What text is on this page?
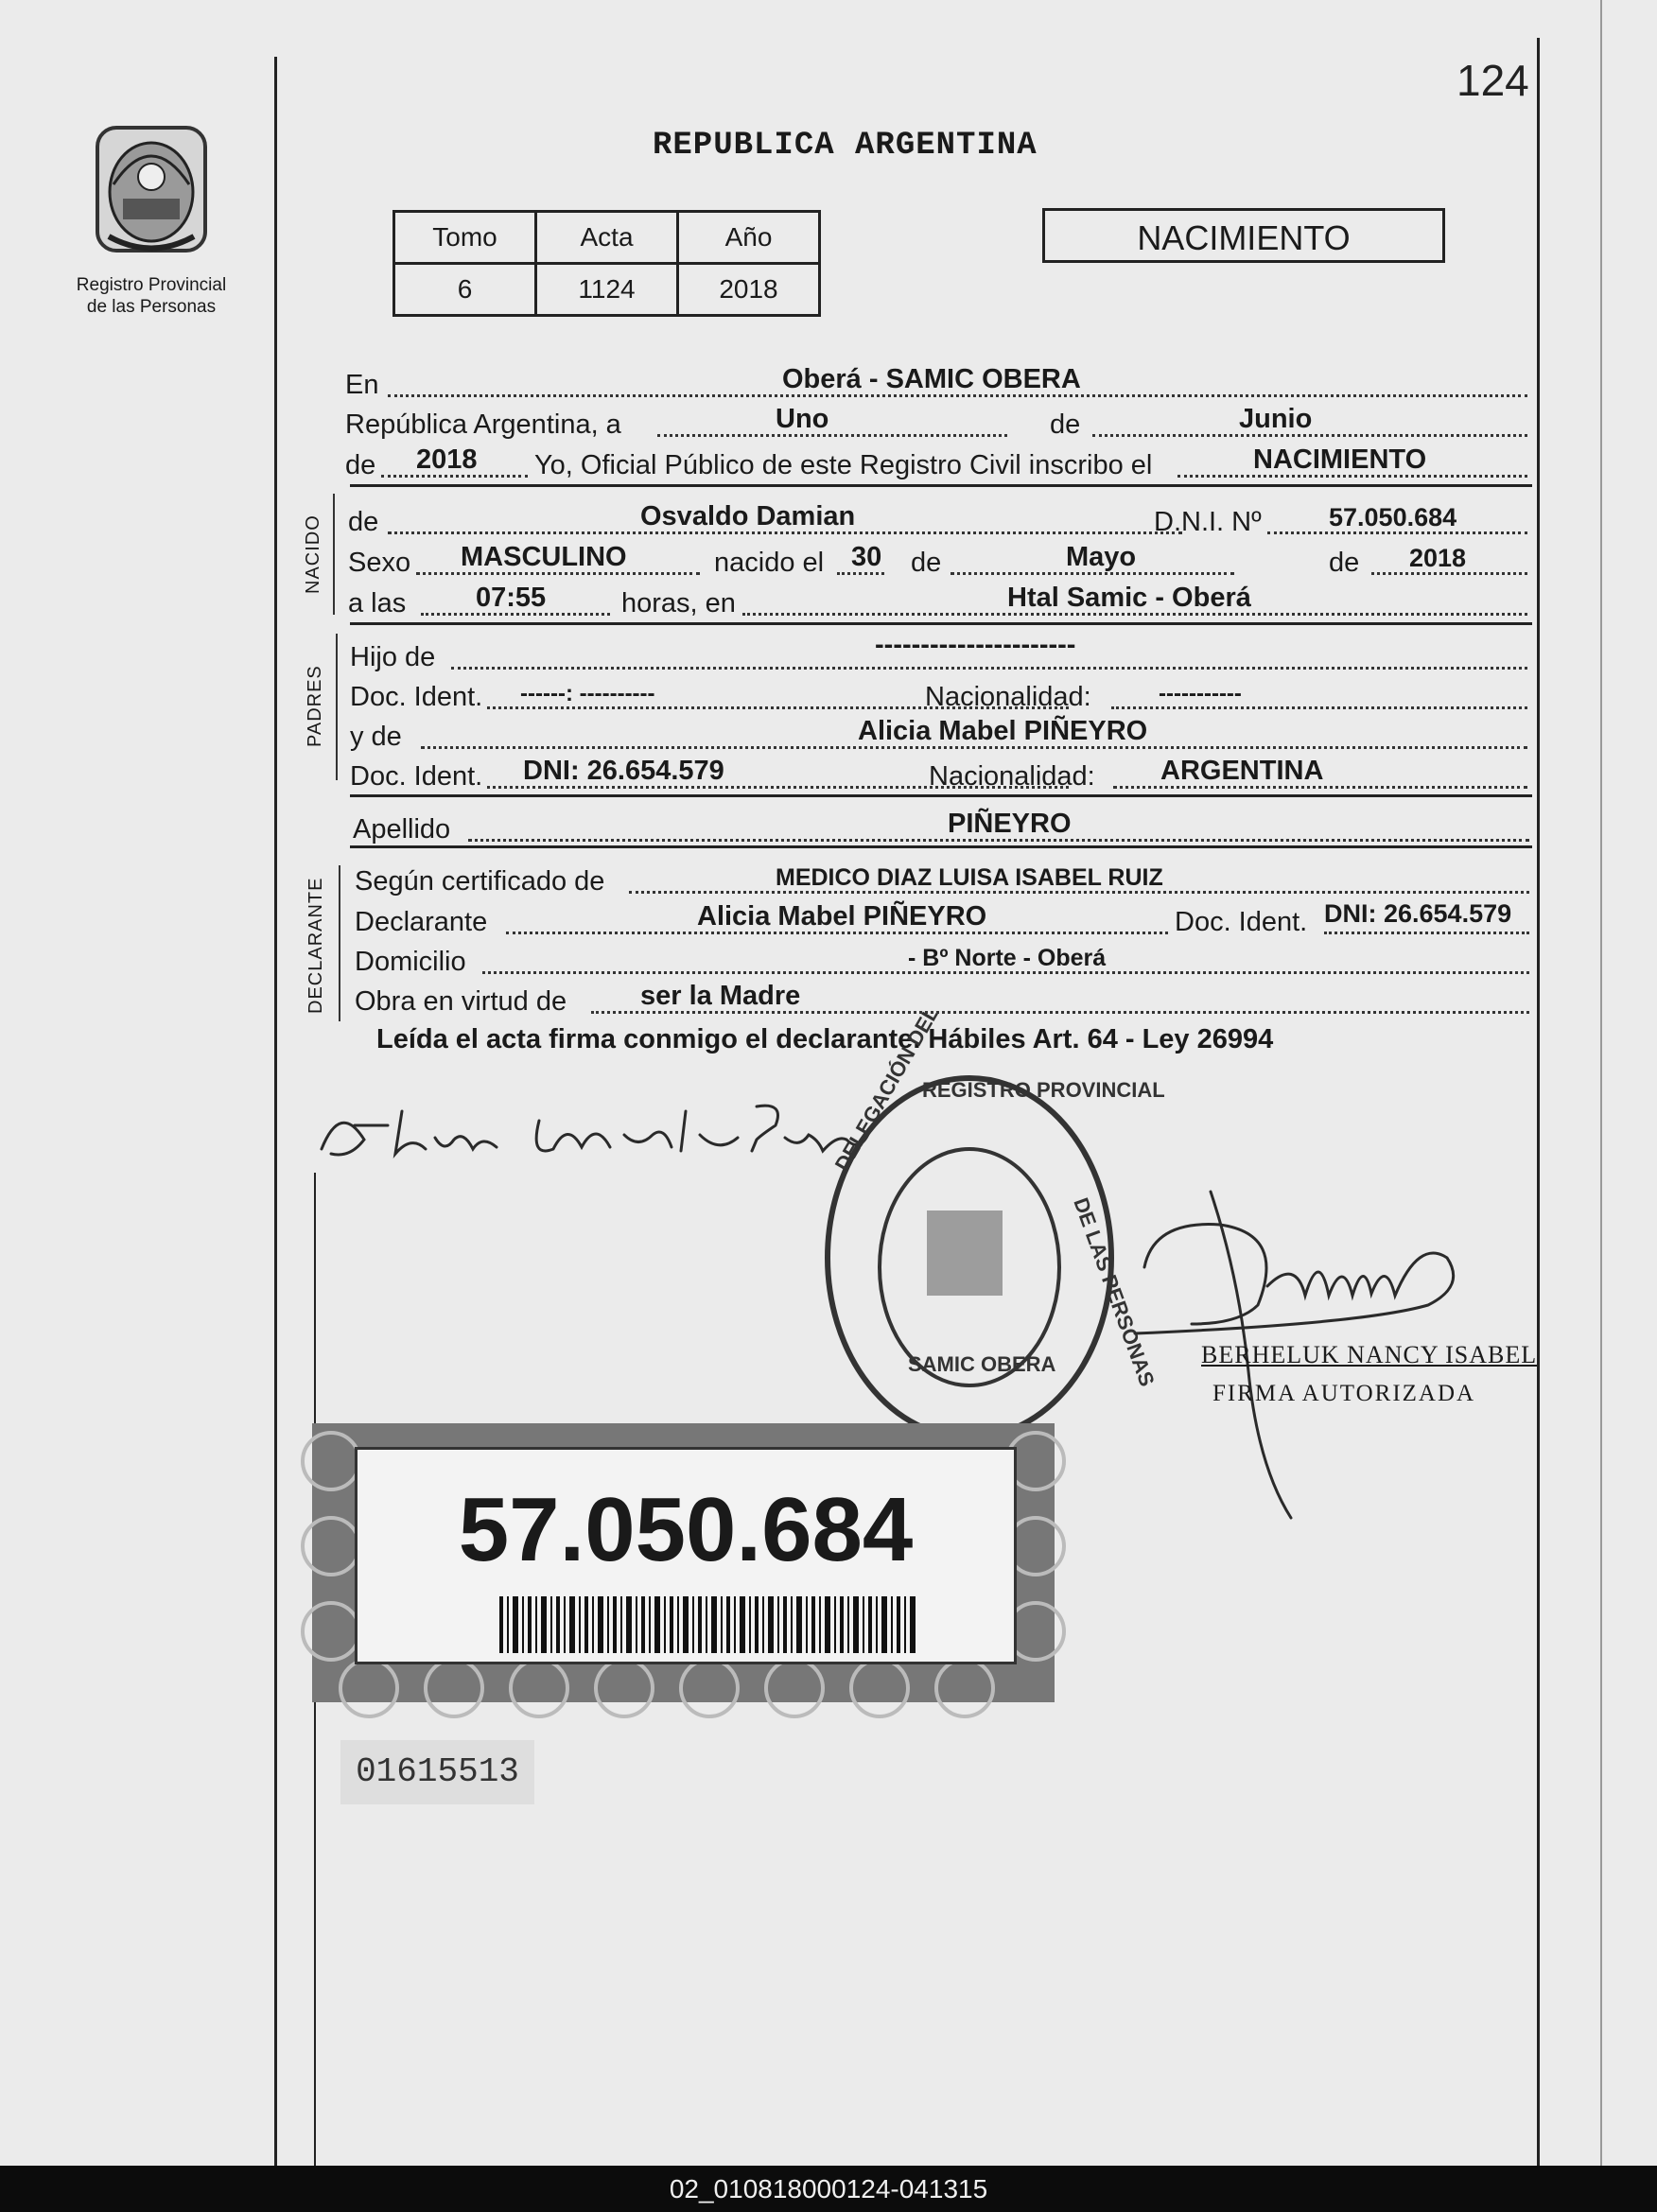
124
REPUBLICA ARGENTINA
Registro Provincial
de las Personas
Tomo	Acta	Año
6	1124	2018
NACIMIENTO
En	Oberá - SAMIC OBERA
República Argentina, a	Uno	de	Junio
de 2018 Yo, Oficial Público de este Registro Civil inscribo el	NACIMIENTO
NACIDO de	Osvaldo Damian	D.N.I. Nº	57.050.684
Sexo MASCULINO	nacido el 30 de	Mayo	de 2018
a las	07:55	horas, en	Htal Samic - Oberá
PADRES
Hijo de	----------------------
Doc. Ident. ------: ----------	Nacionalidad:	-----------
y de	Alicia Mabel PIÑEYRO
Doc. Ident. DNI: 26.654.579	Nacionalidad: ARGENTINA
Apellido	PIÑEYRO
DECLARANTE Según certificado de	MEDICO DIAZ LUISA ISABEL RUIZ
Declarante	Alicia Mabel PIÑEYRO	Doc. Ident. DNI: 26.654.579
Domicilio	- Bº Norte - Oberá
Obra en virtud de	ser la Madre
Leída el acta firma conmigo el declarante. Hábiles Art. 64 - Ley 26994
DELEGACIÓN DEL
REGISTRO PROVINCIAL
DE LAS PERSONAS
SAMIC OBERA	BERHELUK NANCY ISABEL
FIRMA AUTORIZADA
57.050.684
01615513
02_010818000124-041315
